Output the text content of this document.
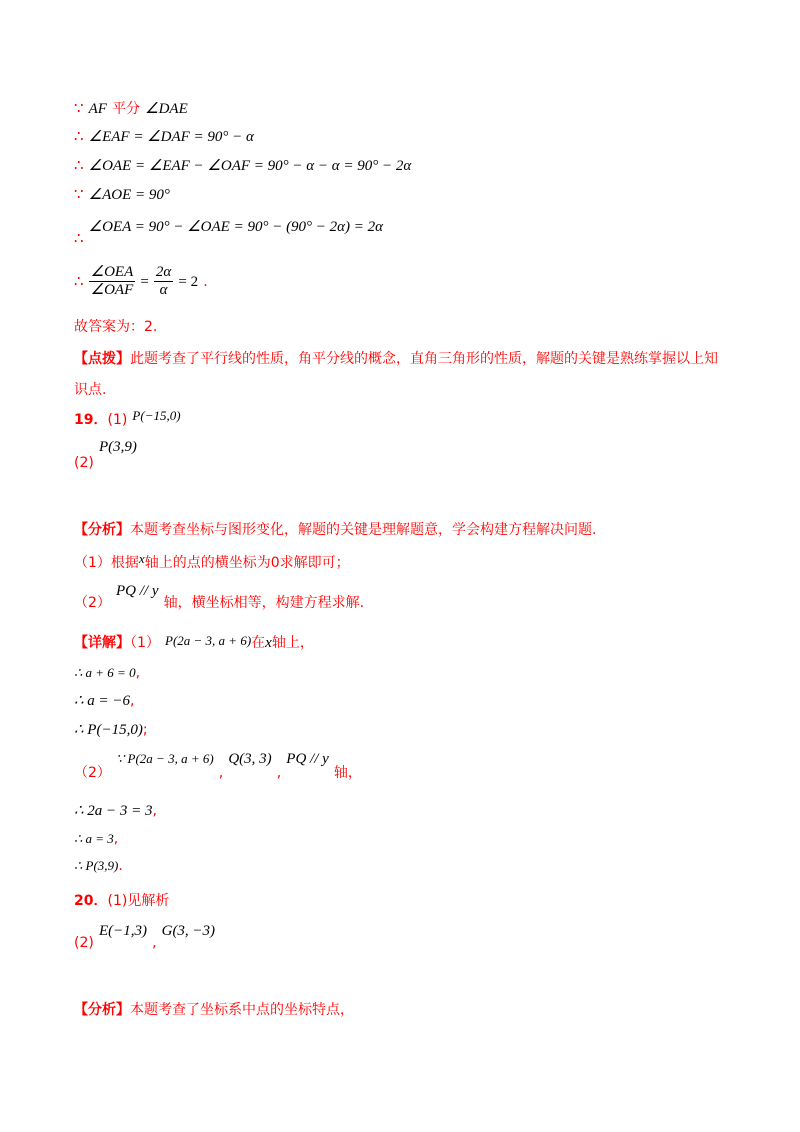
∵ AF 平分 ∠DAE
∴ ∠EAF = ∠DAF = 90° − α
∴ ∠OAE = ∠EAF − ∠OAF = 90° − α − α = 90° − 2α
∵ ∠AOE = 90°
∴ ∠OEA = 90° − ∠OAE = 90° − (90° − 2α) = 2α
∴ $\frac{\text{∠OEA}}{\text{∠OAF}} = \frac{2\alpha}{\alpha} = 2$ .
故答案为：2.
【点拨】此题考查了平行线的性质，角平分线的概念，直角三角形的性质，解题的关键是熟练掌握以上知
识点.
19．(1) $^{P(-15,0)}$
(2) P(3,9)
【分析】本题考查坐标与图形变化，解题的关键是理解题意，学会构建方程解决问题.
（1）根据$^x$轴上的点的横坐标为0求解即可；
（2） PQ // y 轴，横坐标相等，构建方程求解.
【详解】（1） P(2a − 3, a + 6)在x轴上，
∴ a + 6 = 0,
∴ a = −6,
∴ P(−15,0);
（2） ∵ P(2a − 3, a + 6) , Q(3, 3) , PQ // y 轴，
∴ 2a − 3 = 3,
∴ a = 3,
∴ P(3,9).
20．(1)见解析
(2) E(−1,3) , G(3, −3)
【分析】本题考查了坐标系中点的坐标特点，
